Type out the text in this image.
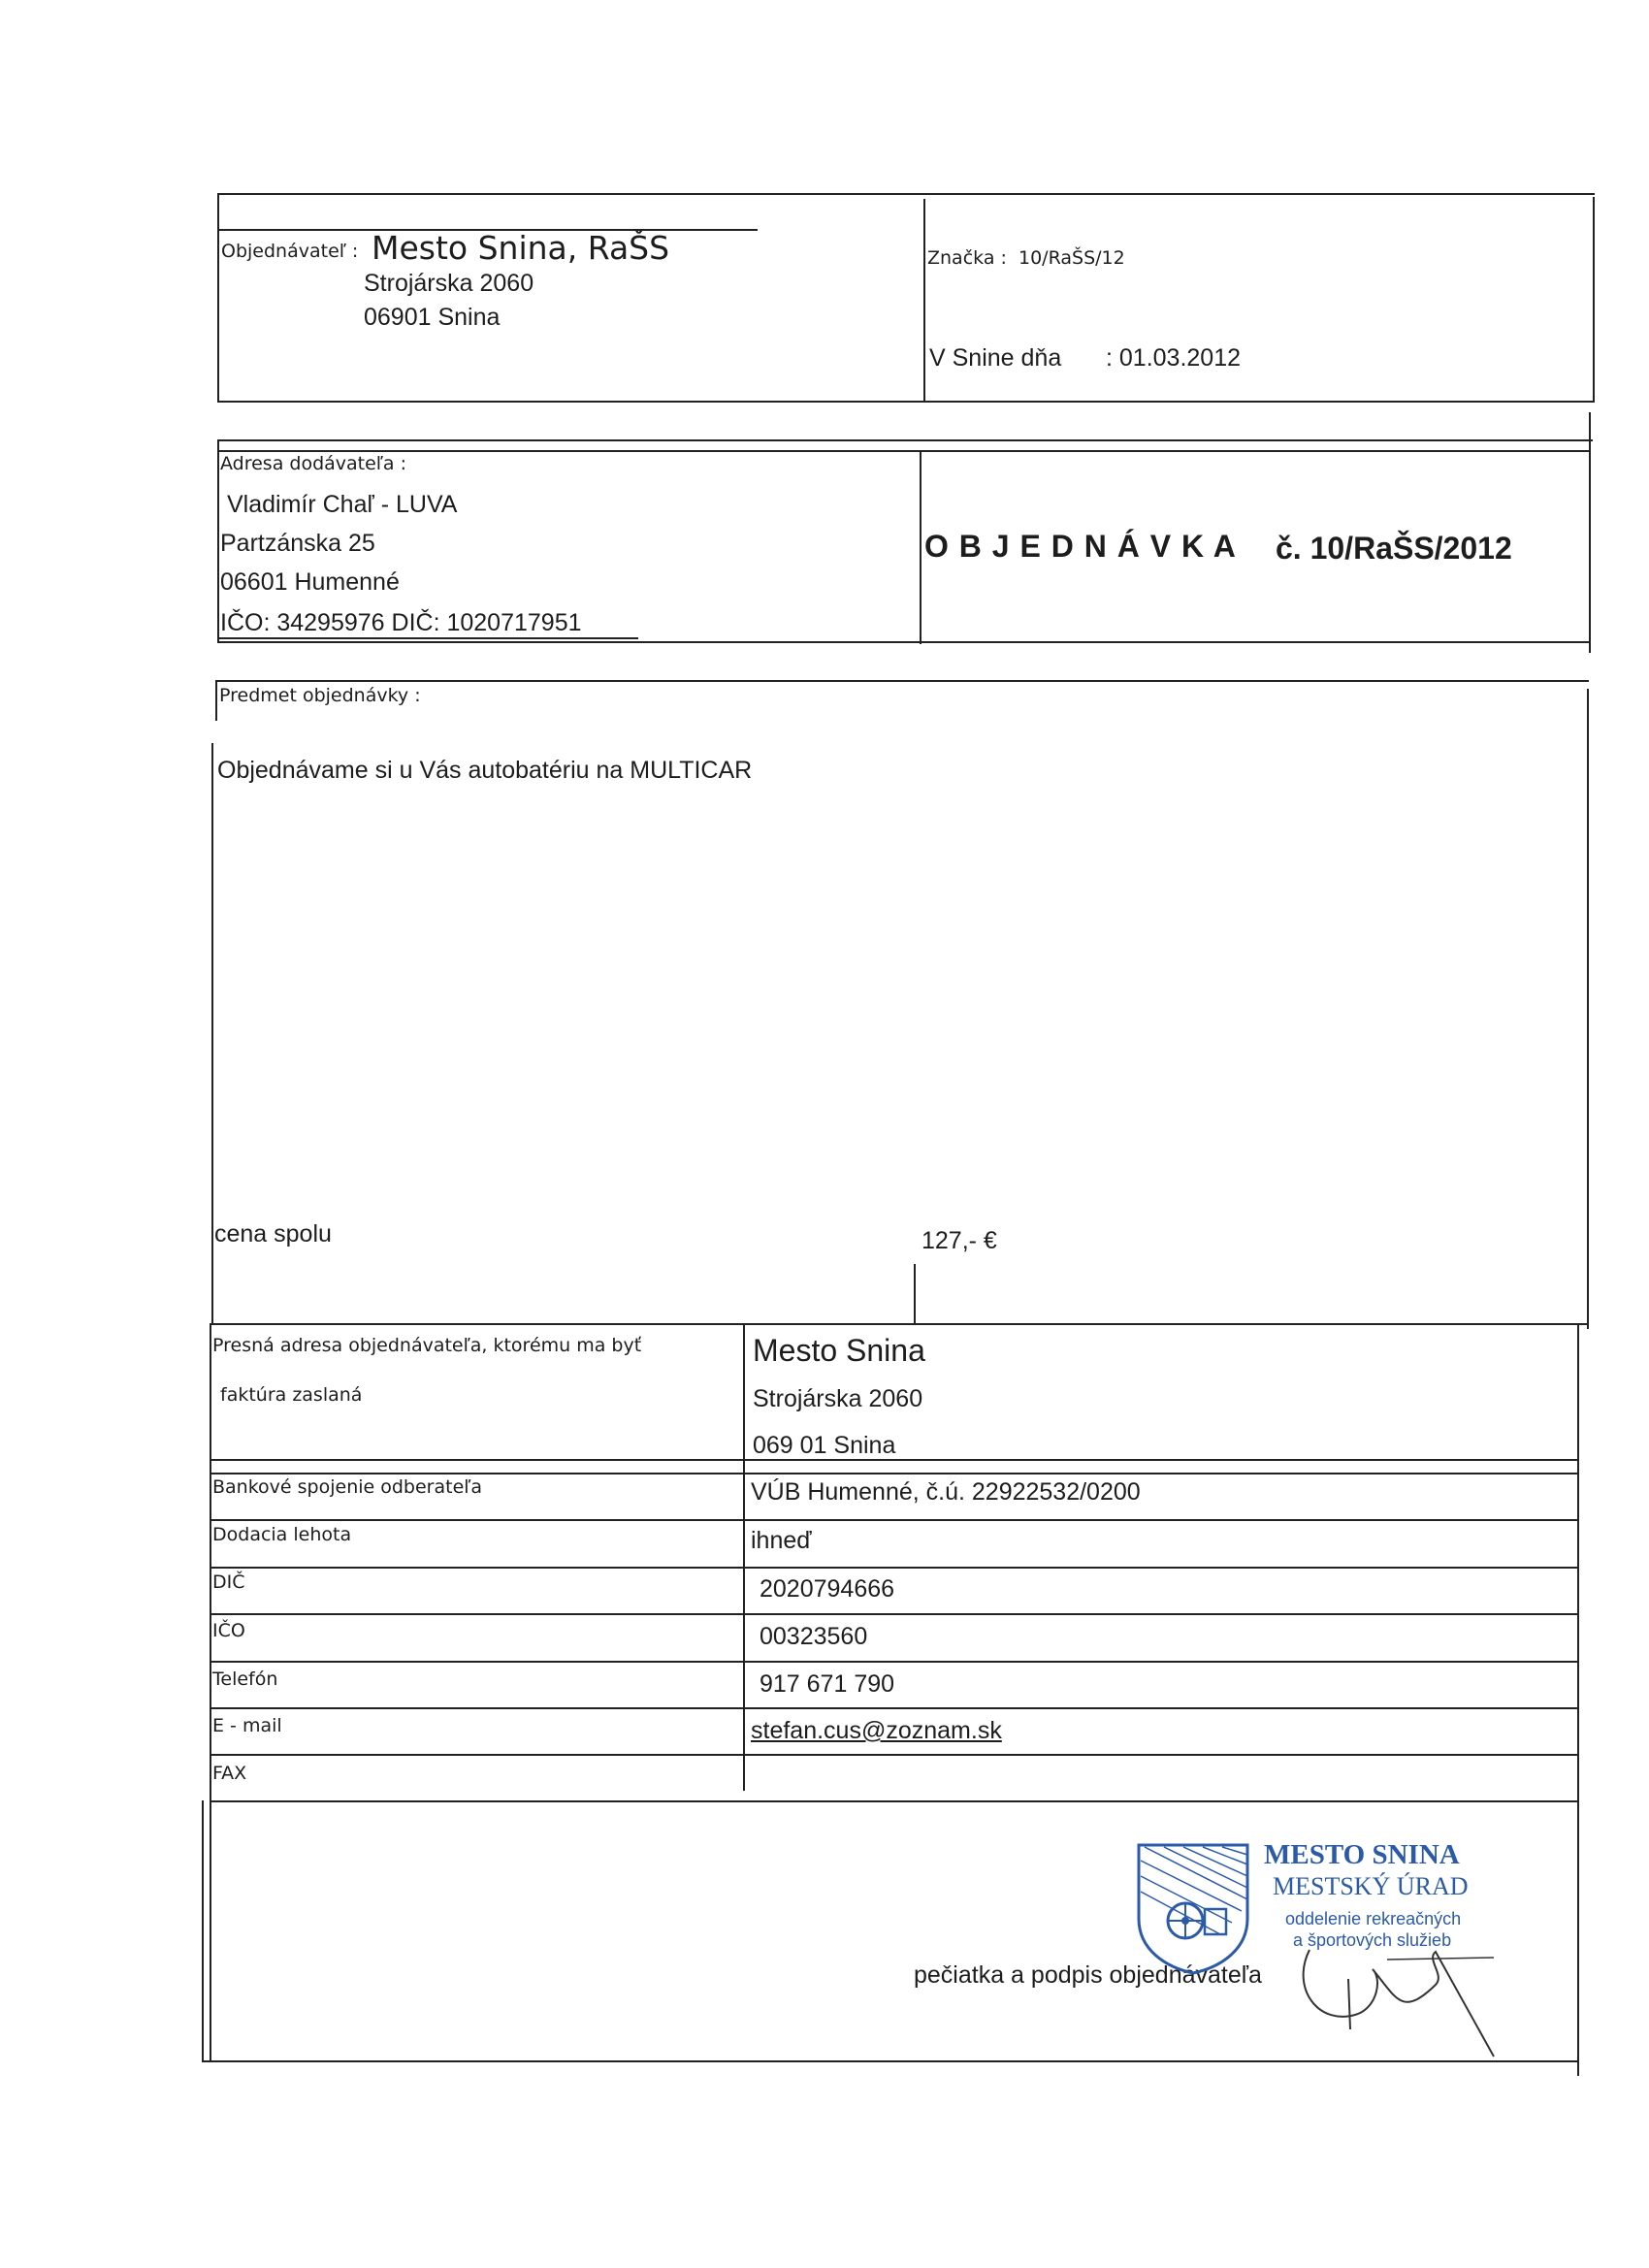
Objednávateľ : Mesto Snina, RaŠS
Strojárska 2060
06901 Snina
Značka : 10/RaŠS/12
V Snine dňa : 01.03.2012
Adresa dodávateľa :
Vladimír Chaľ - LUVA
Partzánska 25
06601 Humenné
IČO: 34295976 DIČ: 1020717951
O B J E D N Á V K A č. 10/RaŠS/2012
Predmet objednávky :
Objednávame si u Vás autobatériu na MULTICAR
cena spolu	127,- €
Presná adresa objednávateľa, ktorému ma byť
faktúra zaslaná
Mesto Snina
Strojárska 2060
069 01 Snina
Bankové spojenie odberateľa	VÚB Humenné, č.ú. 22922532/0200
Dodacia lehota	ihneď
DIČ	2020794666
IČO	00323560
Telefón	917 671 790
E - mail	stefan.cus@zoznam.sk
FAX
pečiatka a podpis objednávateľa
MESTO SNINA
MESTSKÝ ÚRAD
oddelenie rekreačných
a športových služieb
